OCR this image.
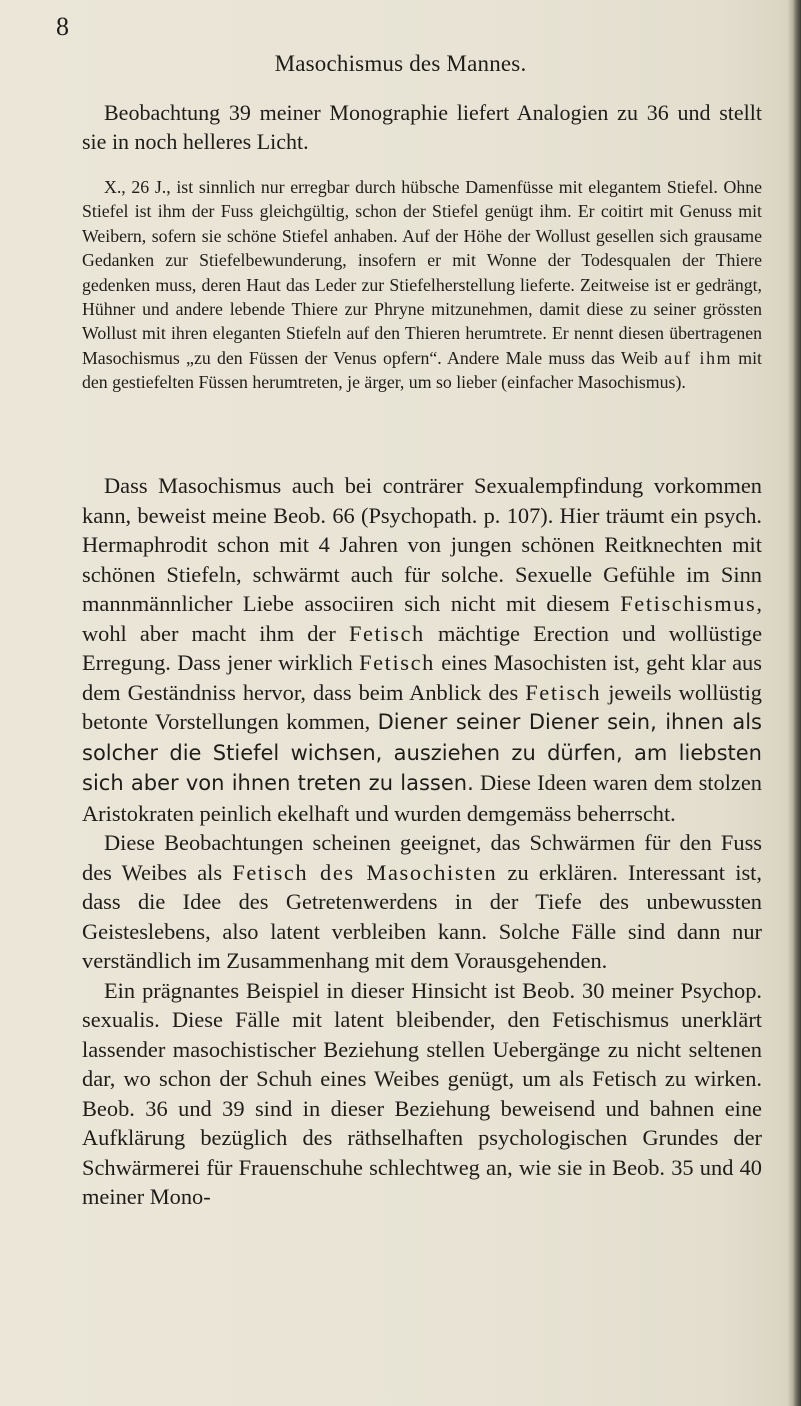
8
Masochismus des Mannes.

Beobachtung 39 meiner Monographie liefert Analogien zu 36 und stellt sie in noch helleres Licht.

X., 26 J., ist sinnlich nur erregbar durch hübsche Damenfüsse mit elegantem Stiefel. Ohne Stiefel ist ihm der Fuss gleichgültig, schon der Stiefel genügt ihm. Er coitirt mit Genuss mit Weibern, sofern sie schöne Stiefel anhaben. Auf der Höhe der Wollust gesellen sich grausame Gedanken zur Stiefelbewunderung, insofern er mit Wonne der Todesqualen der Thiere gedenken muss, deren Haut das Leder zur Stiefelherstellung lieferte. Zeitweise ist er gedrängt, Hühner und andere lebende Thiere zur Phryne mitzunehmen, damit diese zu seiner grössten Wollust mit ihren eleganten Stiefeln auf den Thieren herumtrete. Er nennt diesen übertragenen Masochismus „zu den Füssen der Venus opfern“. Andere Male muss das Weib auf ihm mit den gestiefelten Füssen herumtreten, je ärger, um so lieber (einfacher Masochismus).

Dass Masochismus auch bei conträrer Sexualempfindung vorkommen kann, beweist meine Beob. 66 (Psychopath. p. 107). Hier träumt ein psych. Hermaphrodit schon mit 4 Jahren von jungen schönen Reitknechten mit schönen Stiefeln, schwärmt auch für solche. Sexuelle Gefühle im Sinn mannmännlicher Liebe associiren sich nicht mit diesem Fetischismus, wohl aber macht ihm der Fetisch mächtige Erection und wollüstige Erregung. Dass jener wirklich Fetisch eines Masochisten ist, geht klar aus dem Geständniss hervor, dass beim Anblick des Fetisch jeweils wollüstig betonte Vorstellungen kommen, Diener seiner Diener sein, ihnen als solcher die Stiefel wichsen, ausziehen zu dürfen, am liebsten sich aber von ihnen treten zu lassen. Diese Ideen waren dem stolzen Aristokraten peinlich ekelhaft und wurden demgemäss beherrscht.

Diese Beobachtungen scheinen geeignet, das Schwärmen für den Fuss des Weibes als Fetisch des Masochisten zu erklären. Interessant ist, dass die Idee des Getretenwerdens in der Tiefe des unbewussten Geisteslebens, also latent verbleiben kann. Solche Fälle sind dann nur verständlich im Zusammenhang mit dem Vorausgehenden.

Ein prägnantes Beispiel in dieser Hinsicht ist Beob. 30 meiner Psychop. sexualis. Diese Fälle mit latent bleibender, den Fetischismus unerklärt lassender masochistischer Beziehung stellen Uebergänge zu nicht seltenen dar, wo schon der Schuh eines Weibes genügt, um als Fetisch zu wirken. Beob. 36 und 39 sind in dieser Beziehung beweisend und bahnen eine Aufklärung bezüglich des räthselhaften psychologischen Grundes der Schwärmerei für Frauenschuhe schlechtweg an, wie sie in Beob. 35 und 40 meiner Mono-
